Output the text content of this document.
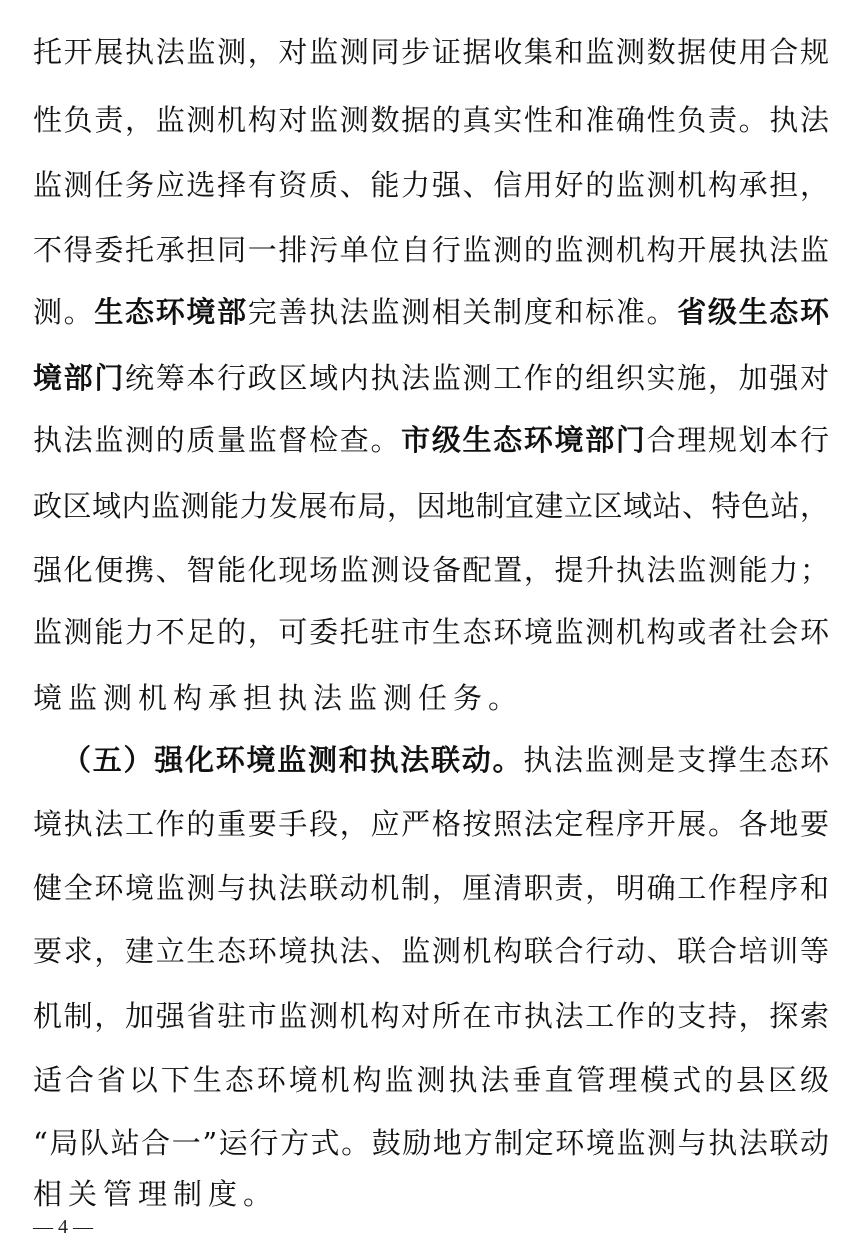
托开展执法监测，对监测同步证据收集和监测数据使用合规
性负责，监测机构对监测数据的真实性和准确性负责。执法
监测任务应选择有资质、能力强、信用好的监测机构承担，
不得委托承担同一排污单位自行监测的监测机构开展执法监
测。生态环境部完善执法监测相关制度和标准。省级生态环
境部门统筹本行政区域内执法监测工作的组织实施，加强对
执法监测的质量监督检查。市级生态环境部门合理规划本行
政区域内监测能力发展布局，因地制宜建立区域站、特色站，
强化便携、智能化现场监测设备配置，提升执法监测能力；
监测能力不足的，可委托驻市生态环境监测机构或者社会环
境监测机构承担执法监测任务。
（五）强化环境监测和执法联动。执法监测是支撑生态环
境执法工作的重要手段，应严格按照法定程序开展。各地要
健全环境监测与执法联动机制，厘清职责，明确工作程序和
要求，建立生态环境执法、监测机构联合行动、联合培训等
机制，加强省驻市监测机构对所在市执法工作的支持，探索
适合省以下生态环境机构监测执法垂直管理模式的县区级
“局队站合一”运行方式。鼓励地方制定环境监测与执法联动
相关管理制度。
— 4 —
